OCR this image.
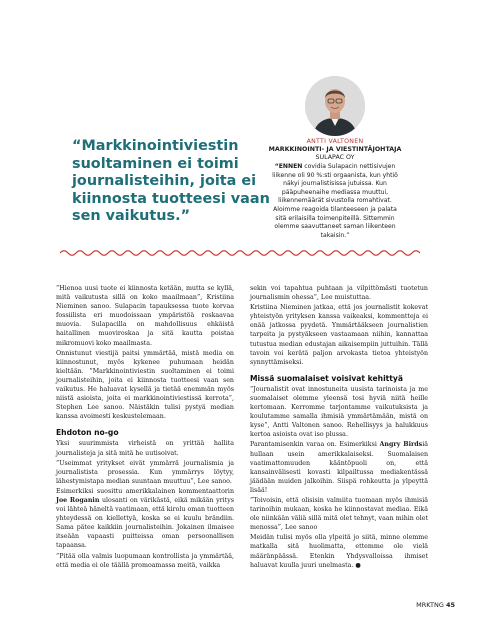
“Markkinointiviestin suoltaminen ei toimi journalisteihin, joita ei kiinnosta tuotteesi vaan sen vaikutus.”

ANTTI VALTONEN

MARKKINOINTI- JA VIESTINTÄJOHTAJA

SULAPAC OY

“ENNEN covidia Sulapacin nettisivujen liikenne oli 90 %:sti orgaanista, kun yhtiö näkyi journalistisissa jutuissa. Kun pääpuheenaihe mediassa muuttui, liikennemäärät sivustolla romahtivat. Aloimme reagoida tilanteeseen ja palata sitä erilaisilla toimenpiteillä. Sittemmin olemme saavuttaneet saman liikenteen takaisin.”

”Hienoa uusi tuote ei kiinnosta ketään, mutta se kyllä, mitä vaikutusta sillä on koko maailmaan”, Kristiina Nieminen sanoo. Sulapacin tapauksessa tuote korvaa fossiilista eri muodoissaan ympäristöä roskaavaa muovia. Sulapacilla on mahdollisuus ehkäistä haitallinen muoviroskaa ja sitä kautta poistaa mikromuovi koko maailmasta.

Onnistunut viestijä paitsi ymmärtää, mistä media on kiinnostunut, myös kykenee puhumaan heidän kieltään. ”Markkinointiviestin suoltaminen ei toimi journalisteihin, joita ei kiinnosta tuotteesi vaan sen vaikutus. He haluavat kysellä ja tietää enemmän myös niistä asioista, joita ei markkinointiviestissä kerrota”, Stephen Lee sanoo. Näistäkin tulisi pystyä median kanssa avoimesti keskustelemaan.

Ehdoton no-go

Yksi suurimmista virheistä on yrittää hallita journalisteja ja sitä mitä he uutisoivat.

”Useimmat yritykset eivät ymmärrä journalismia ja journalistista prosessia. Kun ymmärrys löytyy, lähestymistapa median suuntaan muuttuu”, Lee sanoo.

Esimerkiksi suosittu amerikkalainen kommentaattorin Joe Roganin ulosanti on värikästä, eikä mikään yritys voi lähteä häneltä vaatimaan, että kirolu oman tuotteen yhteydessä on kiellettyä, koska se ei kuulu brändiin. Sama pätee kaikkiin journalisteihin. Jokainen ilmaisee itseään vapaasti puitteissa oman persoonallisen tapaansa.

”Pitää olla valmis luopumaan kontrollista ja ymmärtää, että media ei ole täällä promoamassa meitä, vaikka

sekin voi tapahtua puhtaan ja vilpittömästi tuotetun journalismin ohessa”, Lee muistuttaa.

Kristiina Nieminen jatkaa, että jos journalistit kokevat yhteistyön yrityksen kanssa vaikeaksi, kommentteja ei enää jatkossa pyydetä. Ymmärtääkseen journalistien tarpeita ja pystyäkseen vastaamaan niihin, kannattaa tutustua median edustajan aikaisempiin juttuihin. Tällä tavoin voi kerätä paljon arvokasta tietoa yhteistyön synnyttämiseksi.

Missä suomalaiset voisivat kehittyä

”Journalistit ovat innostuneita uusista tarinoista ja me suomalaiset olemme yleensä tosi hyviä niitä heille kertomaan. Kerromme tarjontamme vaikutuksista ja koulutamme samalla ihmisiä ymmärtämään, mistä on kyse”, Antti Valtonen sanoo. Rehellisyys ja halukkuus kertoa asioista ovat iso plussa.

Parantamisenkin varaa on. Esimerkiksi Angry Birdsiä hullaan usein amerikkalaiseksi. Suomalaisen vaatimattomuuden kääntöpuoli on, että kansainvälisesti kovasti kilpailtussa mediakentässä jäädään muiden jalkoihin. Siispä rohkeutta ja ylpeyttä lisää!

”Toivoisin, että olisisin valmiita tuomaan myös ihmisiä tarinoihin mukaan, koska he kiinnostavat mediaa. Eikä ole niinkään väliä sillä mitä olet tehnyt, vaan mihin olet menossa”, Lee sanoo

Meidän tulisi myös olla ylpeitä jo siitä, minne olemme matkalla sitä huolimatta, ettemme ole vielä määränpäässä. Etenkin Yhdysvalloissa ihmiset haluavat kuulla juuri unelmasta. ●

MRKTNG 45
